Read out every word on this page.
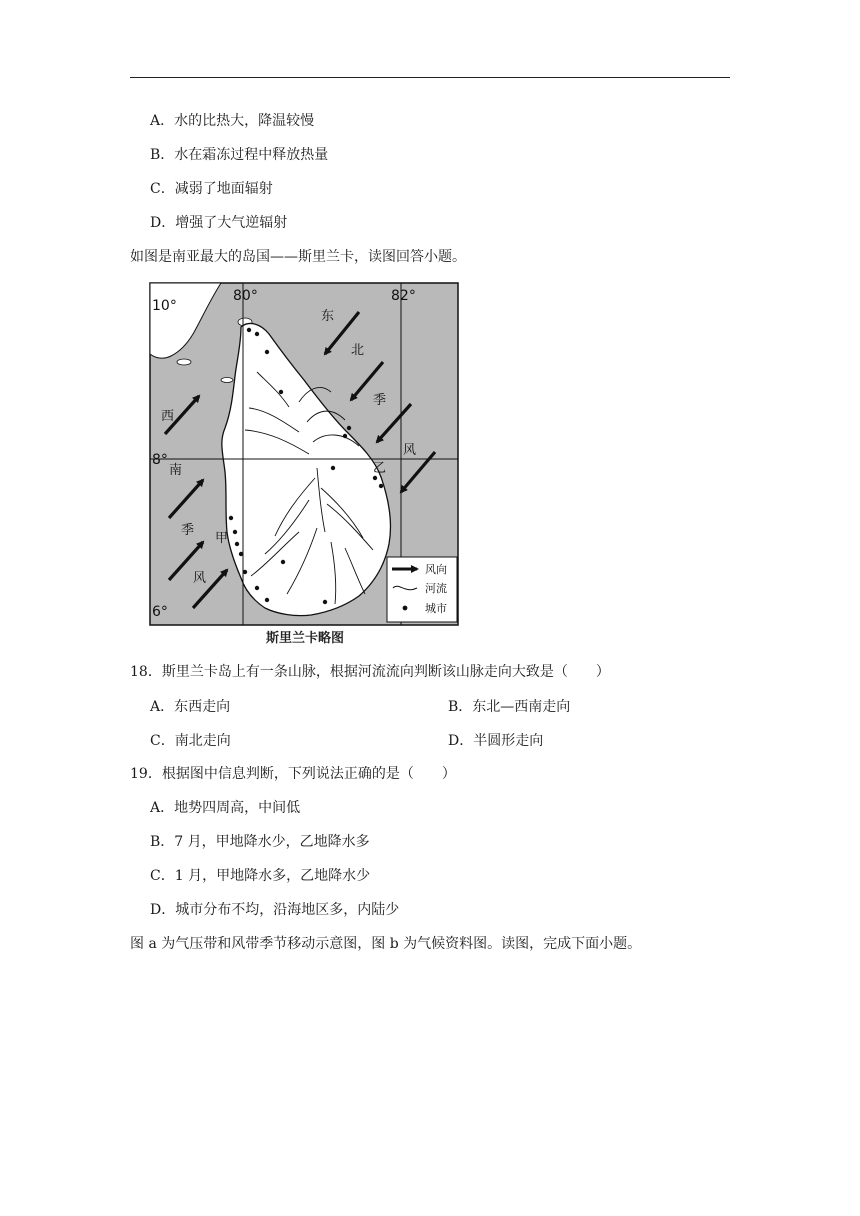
A．水的比热大，降温较慢
B．水在霜冻过程中释放热量
C．减弱了地面辐射
D．增强了大气逆辐射
如图是南亚最大的岛国——斯里兰卡，读图回答小题。
10°
8°
6°
80°	82°
东
北
季
风
西
南
季
风
甲
乙
风向
河流
城市
斯里兰卡略图
18．斯里兰卡岛上有一条山脉，根据河流流向判断该山脉走向大致是（　　）
A．东西走向	B．东北—西南走向
C．南北走向	D．半圆形走向
19．根据图中信息判断，下列说法正确的是（　　）
A．地势四周高，中间低
B．7 月，甲地降水少，乙地降水多
C．1 月，甲地降水多，乙地降水少
D．城市分布不均，沿海地区多，内陆少
图 a 为气压带和风带季节移动示意图，图 b 为气候资料图。读图，完成下面小题。
